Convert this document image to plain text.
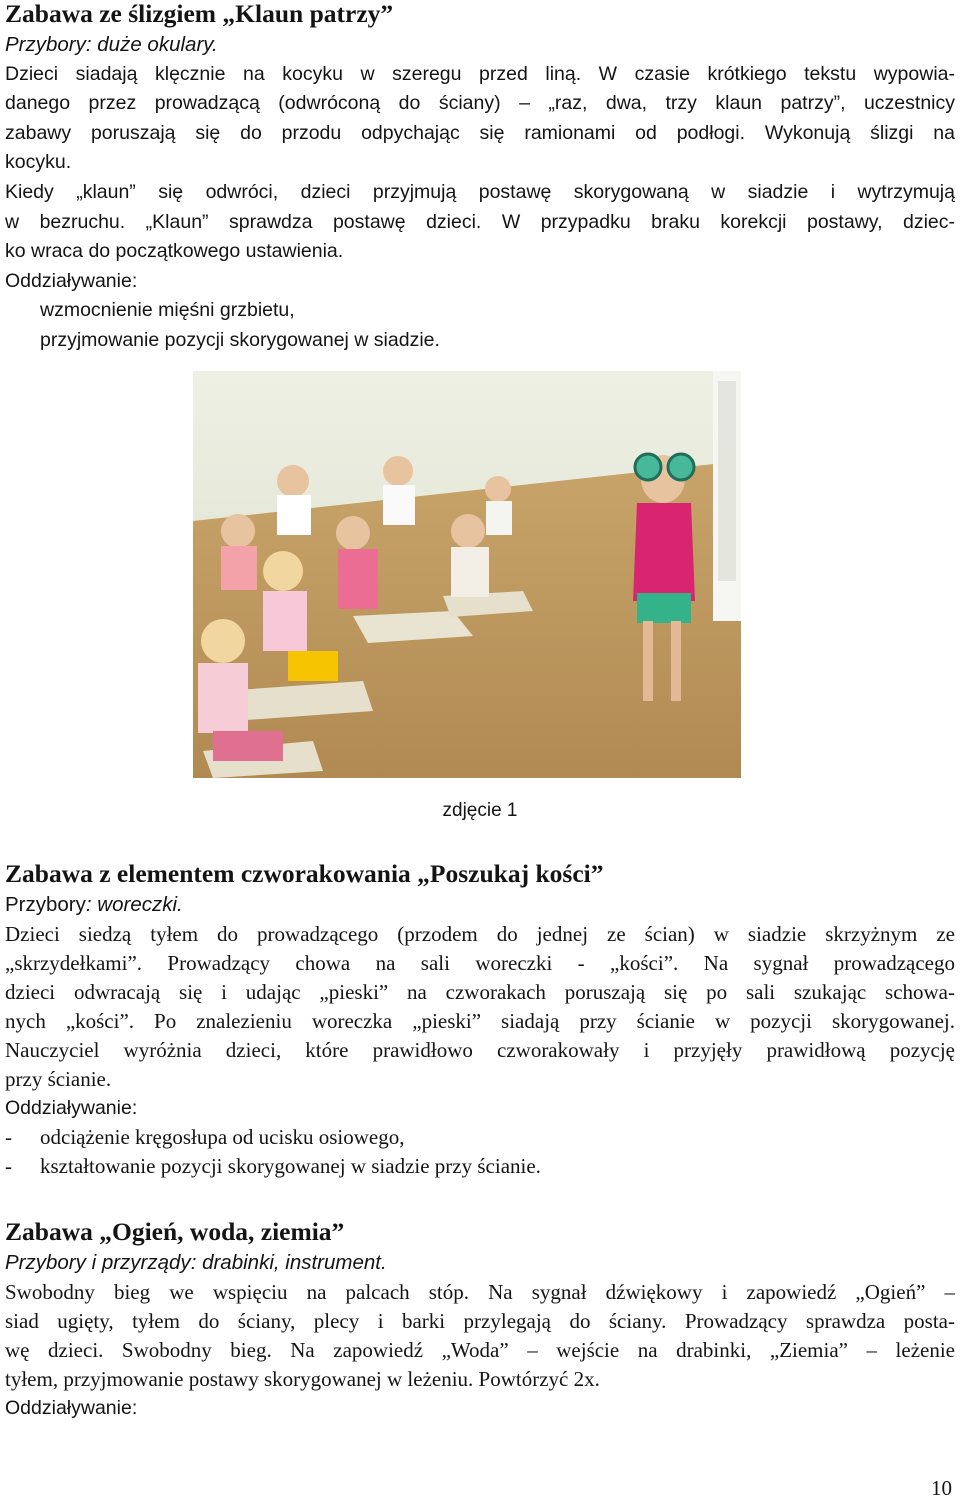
Zabawa ze ślizgiem „Klaun patrzy”
Przybory: duże okulary.
Dzieci siadają klęcznie na kocyku w szeregu przed liną. W czasie krótkiego tekstu wypowia-
danego przez prowadzącą (odwróconą do ściany) – „raz, dwa, trzy klaun patrzy”, uczestnicy
zabawy poruszają się do przodu odpychając się ramionami od podłogi. Wykonują ślizgi na
kocyku.
Kiedy „klaun” się odwróci, dzieci przyjmują postawę skorygowaną w siadzie i wytrzymują
w bezruchu. „Klaun” sprawdza postawę dzieci. W przypadku braku korekcji postawy, dziec-
ko wraca do początkowego ustawienia.
Oddziaływanie:
wzmocnienie mięśni grzbietu,
przyjmowanie pozycji skorygowanej w siadzie.
Zabawa z elementem czworakowania „Poszukaj kości”
Przybory: woreczki.
Dzieci siedzą tyłem do prowadzącego (przodem do jednej ze ścian) w siadzie skrzyżnym ze
„skrzydełkami”. Prowadzący chowa na sali woreczki - „kości”. Na sygnał prowadzącego
dzieci odwracają się i udając „pieski” na czworakach poruszają się po sali szukając schowa-
nych „kości”. Po znalezieniu woreczka „pieski” siadają przy ścianie w pozycji skorygowanej.
Nauczyciel wyróżnia dzieci, które prawidłowo czworakowały i przyjęły prawidłową pozycję
przy ścianie.
Oddziaływanie:
-	odciążenie kręgosłupa od ucisku osiowego,
-	kształtowanie pozycji skorygowanej w siadzie przy ścianie.
Zabawa „Ogień, woda, ziemia”
Przybory i przyrządy: drabinki, instrument.
Swobodny bieg we wspięciu na palcach stóp. Na sygnał dźwiękowy i zapowiedź „Ogień” –
siad ugięty, tyłem do ściany, plecy i barki przylegają do ściany. Prowadzący sprawdza posta-
wę dzieci. Swobodny bieg. Na zapowiedź „Woda” – wejście na drabinki, „Ziemia” – leżenie
tyłem, przyjmowanie postawy skorygowanej w leżeniu. Powtórzyć 2x.
Oddziaływanie:
zdjęcie 1
10
